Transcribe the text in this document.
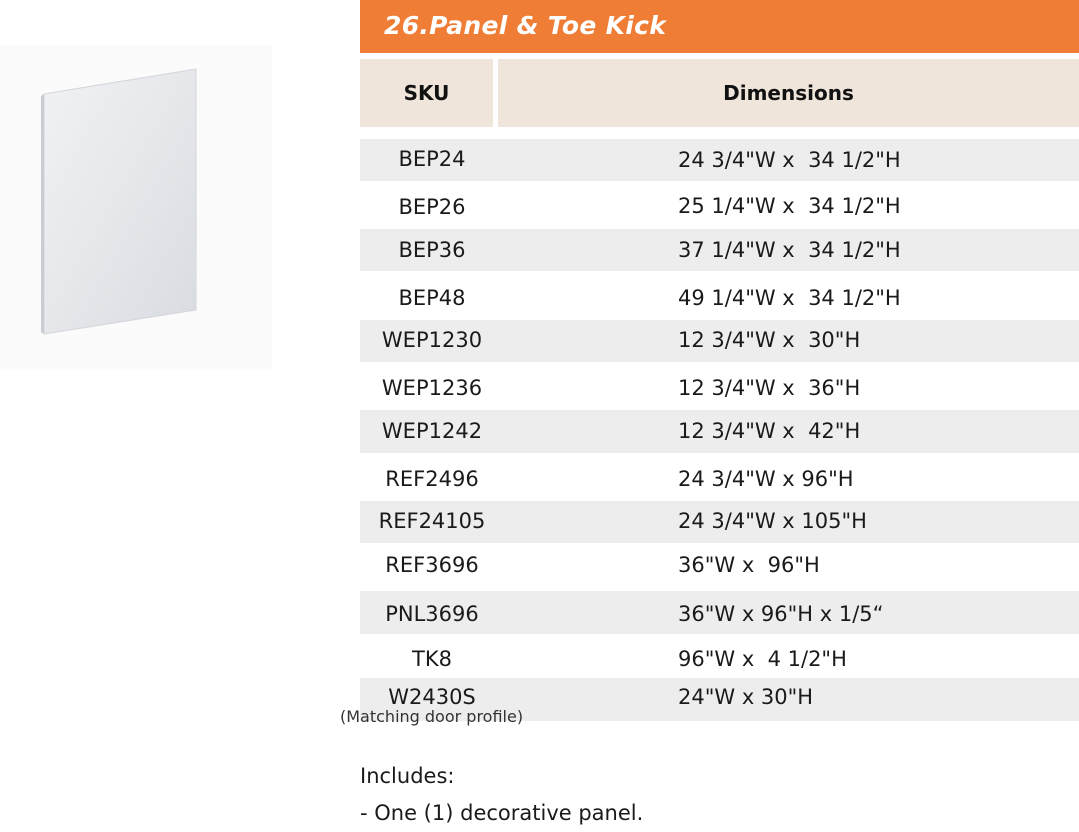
26.Panel & Toe Kick
SKU	Dimensions
BEP24	24 3/4"W x  34 1/2"H
BEP26	25 1/4"W x  34 1/2"H
BEP36	37 1/4"W x  34 1/2"H
BEP48	49 1/4"W x  34 1/2"H
WEP1230	12 3/4"W x  30"H
WEP1236	12 3/4"W x  36"H
WEP1242	12 3/4"W x  42"H
REF2496	24 3/4"W x 96"H
REF24105	24 3/4"W x 105"H
REF3696	36"W x  96"H
PNL3696	36"W x 96"H x 1/5“
TK8	96"W x  4 1/2"H
W2430S	24"W x 30"H
(Matching door profile)
Includes:
- One (1) decorative panel.
